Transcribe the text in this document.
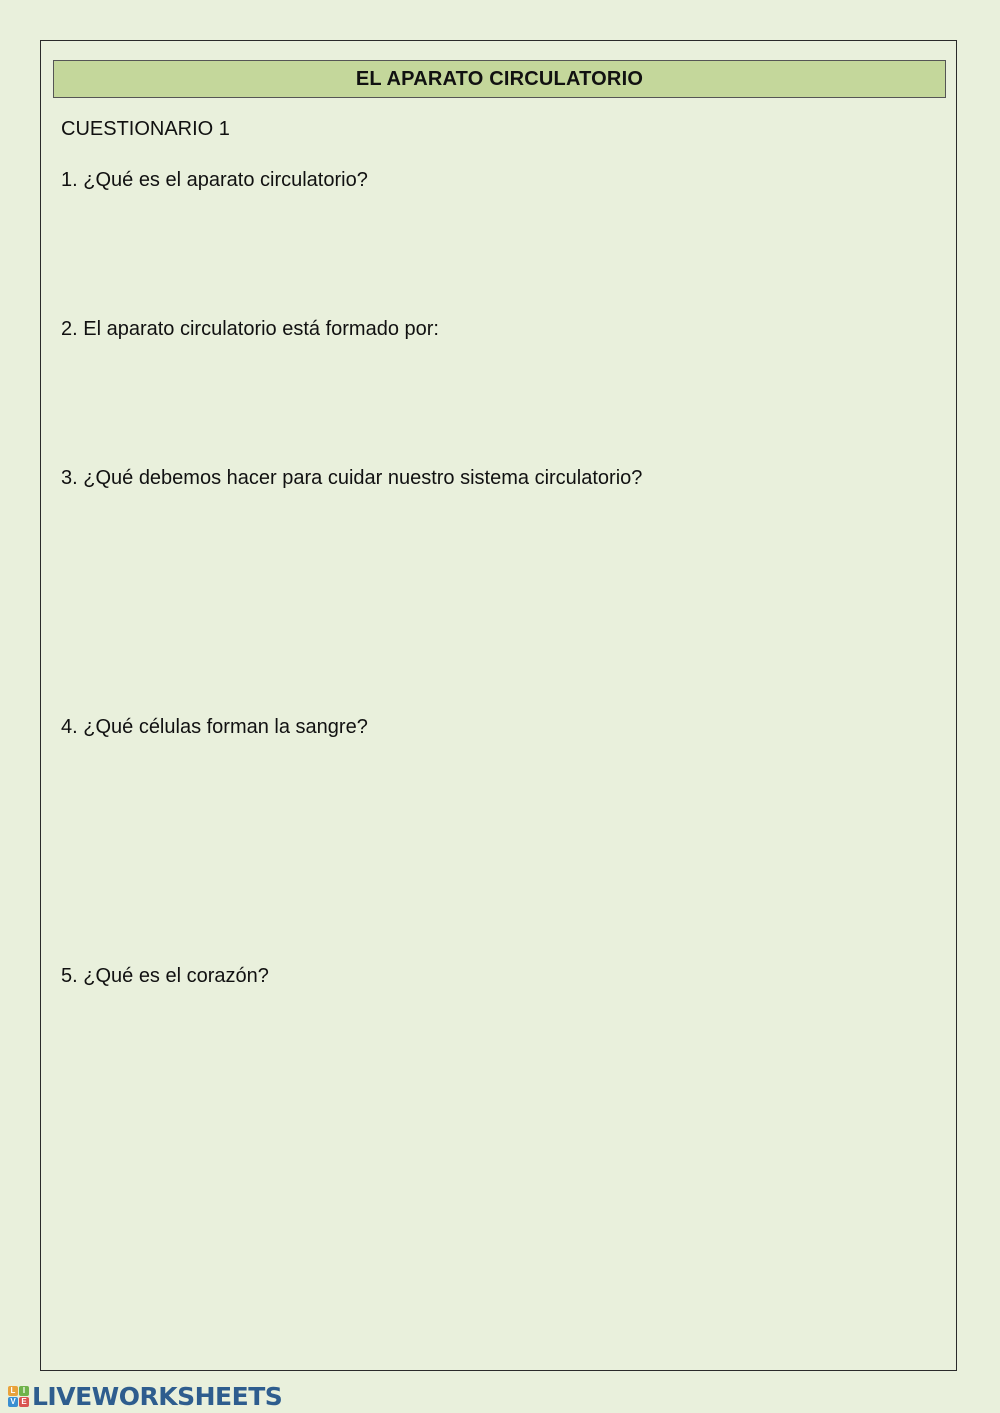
EL APARATO CIRCULATORIO
CUESTIONARIO 1
1. ¿Qué es el aparato circulatorio?
2. El aparato circulatorio está formado por:
3. ¿Qué debemos hacer para cuidar nuestro sistema circulatorio?
4. ¿Qué células forman la sangre?
5. ¿Qué es el corazón?
L I
V E LIVEWORKSHEETS
